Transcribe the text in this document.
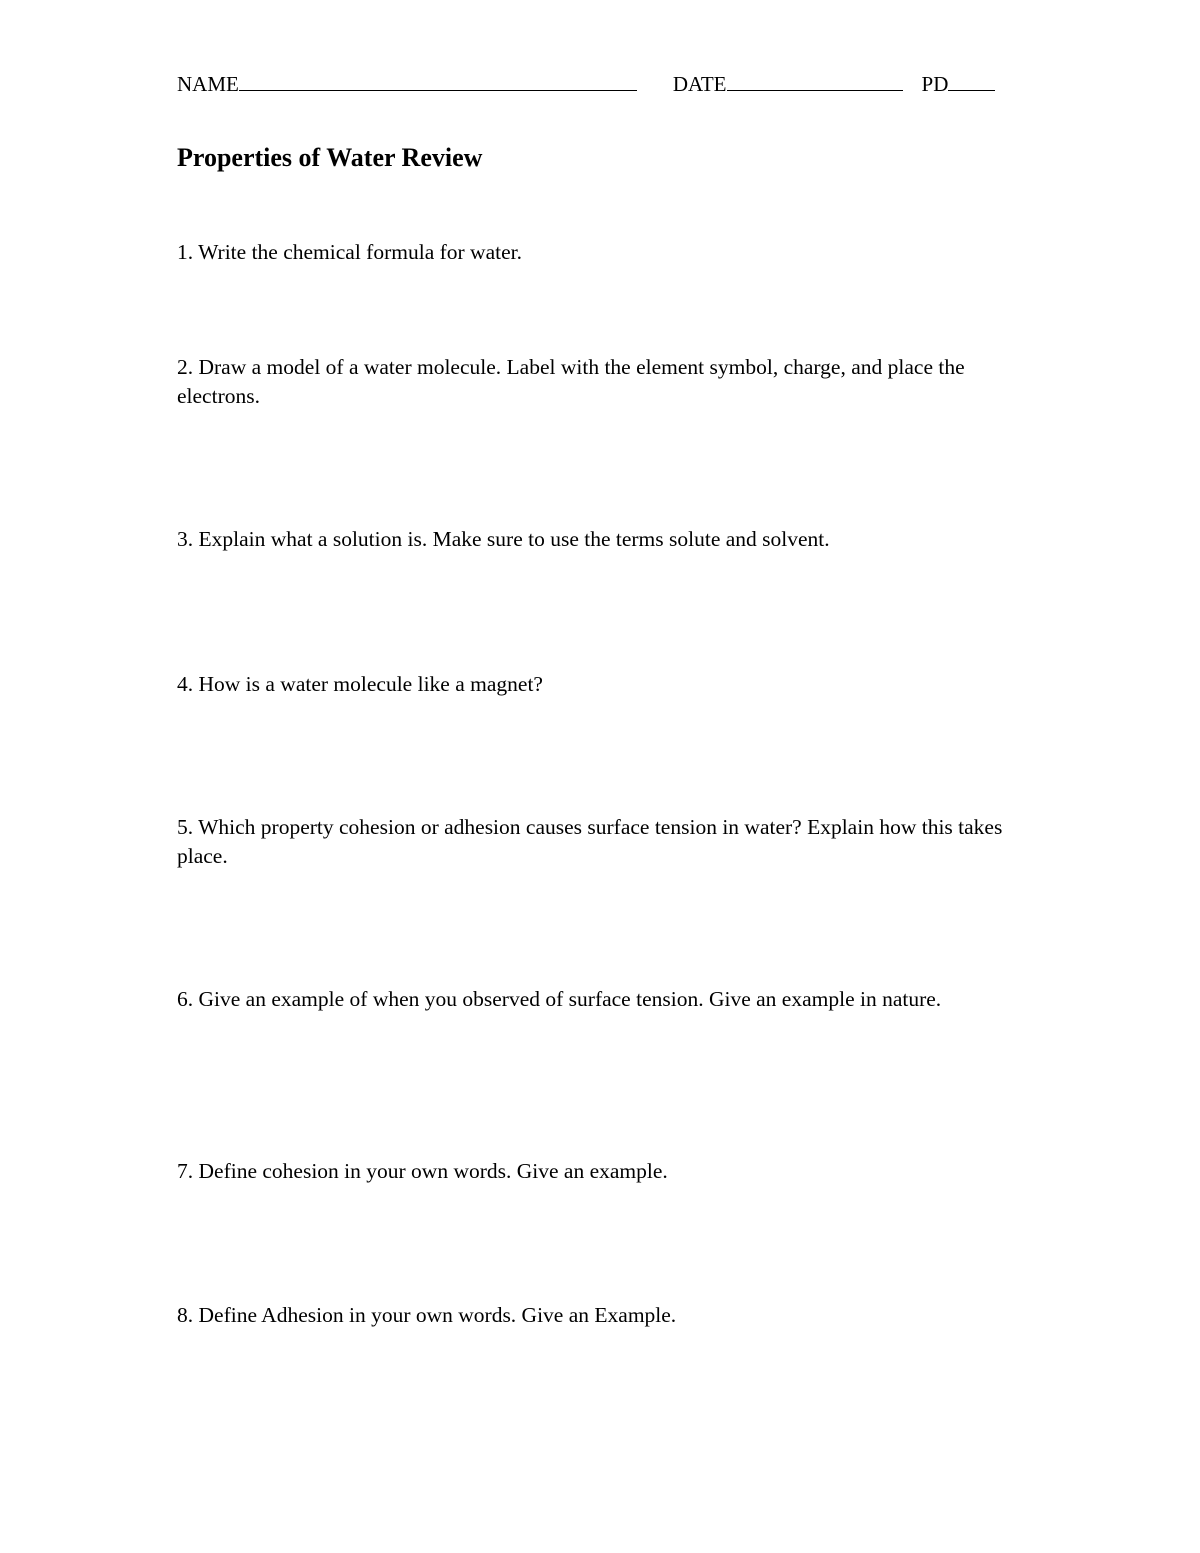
NAME	DATE	PD
Properties of Water Review
1. Write the chemical formula for water.
2. Draw a model of a water molecule. Label with the element symbol, charge, and place the electrons.
3. Explain what a solution is. Make sure to use the terms solute and solvent.
4. How is a water molecule like a magnet?
5. Which property cohesion or adhesion causes surface tension in water? Explain how this takes place.
6. Give an example of when you observed of surface tension. Give an example in nature.
7. Define cohesion in your own words. Give an example.
8. Define Adhesion in your own words. Give an Example.
